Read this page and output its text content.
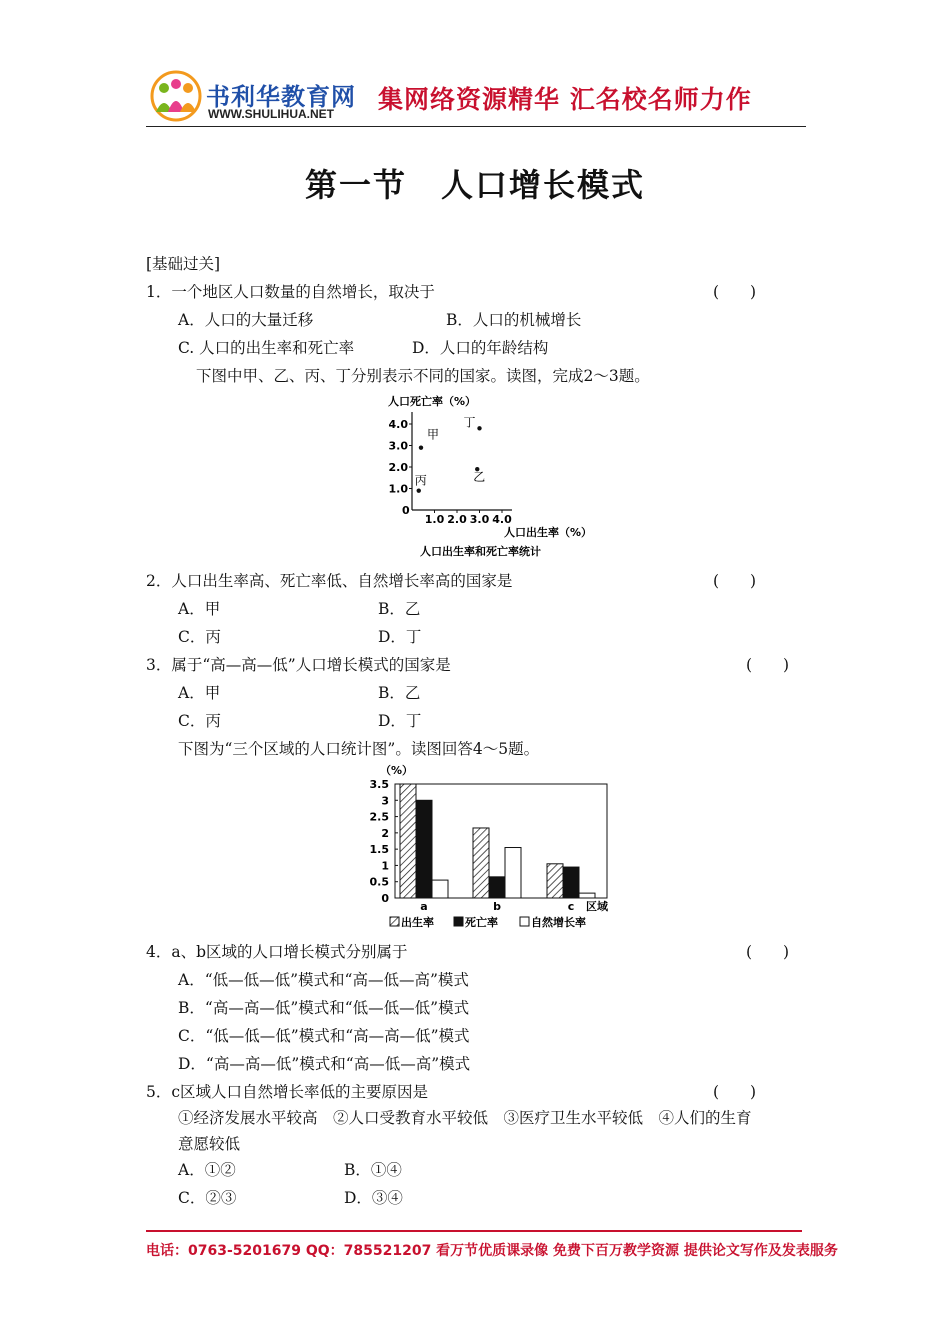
书利华教育网
WWW.SHULIHUA.NET 集网络资源精华 汇名校名师力作
第一节　人口增长模式
[基础过关]
1．一个地区人口数量的自然增长，取决于	(　　)
A．人口的大量迁移	B．人口的机械增长
C. 人口的出生率和死亡率	D．人口的年龄结构
下图中甲、乙、丙、丁分别表示不同的国家。读图，完成2～3题。
人口死亡率（%）
0
4.0
3.0
2.0
1.0
1.0 2.0 3.0 4.0
甲
乙
丙
丁
人口出生率（%）
人口出生率和死亡率统计
2．人口出生率高、死亡率低、自然增长率高的国家是	(　　)
A．甲	B．乙
C．丙	D．丁
3．属于“高—高—低”人口增长模式的国家是	(　　)
A．甲	B．乙
C．丙	D．丁
下图为“三个区域的人口统计图”。读图回答4～5题。
（%）
3.5
3
2.5
2
1.5
1
0.5
0
a	b	c 区域
出生率	死亡率	自然增长率
4．a、b区域的人口增长模式分别属于	(　　)
A．“低—低—低”模式和“高—低—高”模式
B．“高—高—低”模式和“低—低—低”模式
C．“低—低—低”模式和“高—高—低”模式
D．“高—高—低”模式和“高—低—高”模式
5．c区域人口自然增长率低的主要原因是	(　　)
①经济发展水平较高　②人口受教育水平较低　③医疗卫生水平较低　④人们的生育
意愿较低
A．①②	B．①④
C．②③	D．③④
电话：0763-5201679 QQ：785521207 看万节优质课录像 免费下百万教学资源 提供论文写作及发表服务
